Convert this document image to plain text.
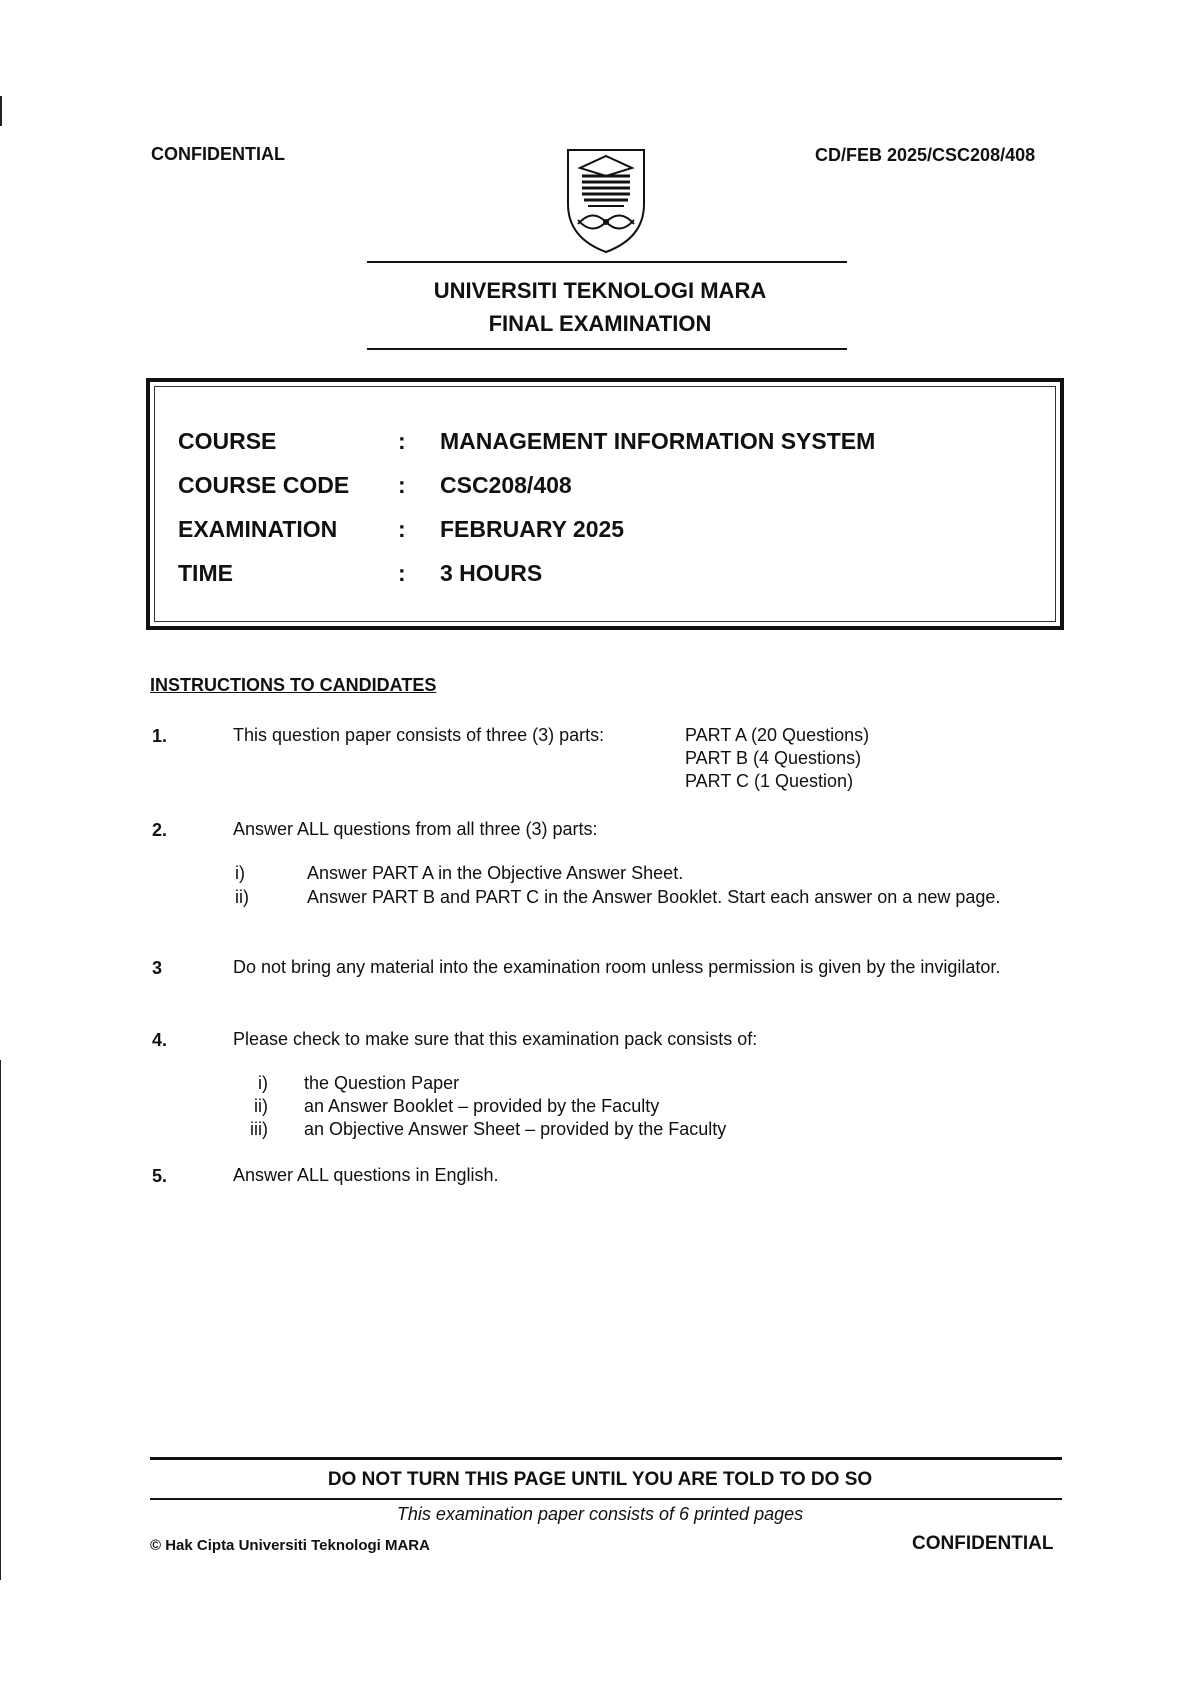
CONFIDENTIAL	CD/FEB 2025/CSC208/408
UNIVERSITI TEKNOLOGI MARA
FINAL EXAMINATION
COURSE	: MANAGEMENT INFORMATION SYSTEM
COURSE CODE	: CSC208/408
EXAMINATION	: FEBRUARY 2025
TIME	: 3 HOURS
INSTRUCTIONS TO CANDIDATES
1.	This question paper consists of three (3) parts:	PART A (20 Questions)
PART B (4 Questions)
PART C (1 Question)
2.	Answer ALL questions from all three (3) parts:
i)	Answer PART A in the Objective Answer Sheet.
ii)	Answer PART B and PART C in the Answer Booklet. Start each answer on a new page.
3	Do not bring any material into the examination room unless permission is given by the invigilator.
4.	Please check to make sure that this examination pack consists of:
i) the Question Paper
ii) an Answer Booklet – provided by the Faculty
iii) an Objective Answer Sheet – provided by the Faculty
5.	Answer ALL questions in English.
DO NOT TURN THIS PAGE UNTIL YOU ARE TOLD TO DO SO
This examination paper consists of 6 printed pages
© Hak Cipta Universiti Teknologi MARA	CONFIDENTIAL
